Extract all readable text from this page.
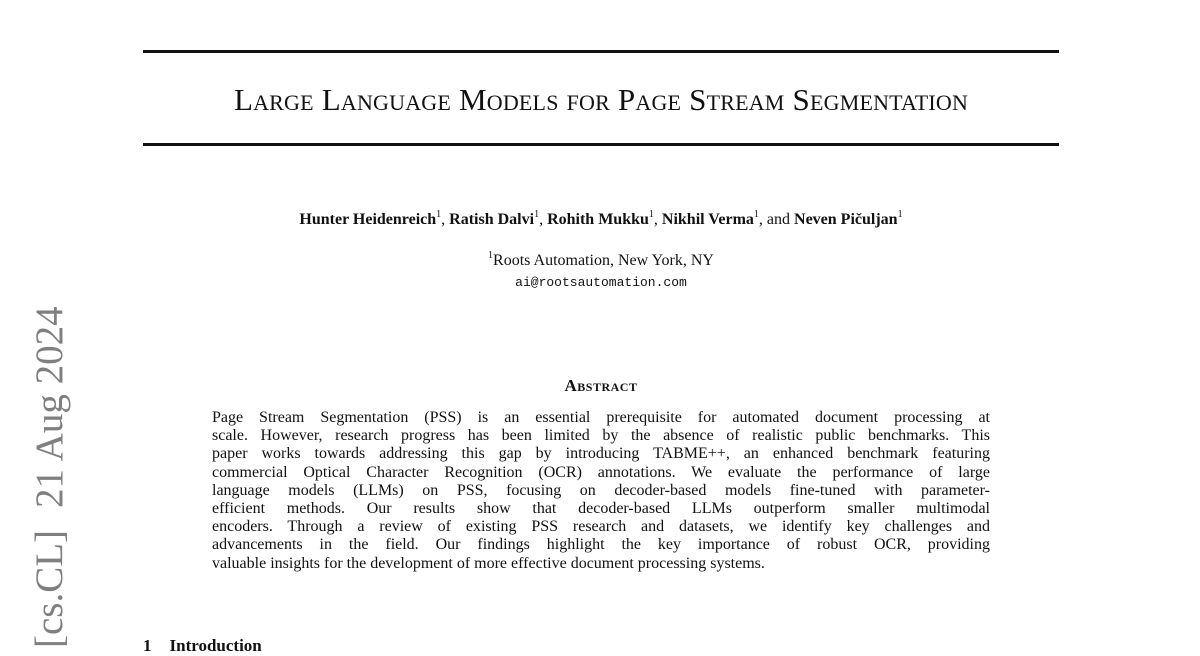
Large Language Models for Page Stream Segmentation
Hunter Heidenreich$^1$, Ratish Dalvi$^1$, Rohith Mukku$^1$, Nikhil Verma$^1$, and Neven Pičuljan$^1$
$^1$Roots Automation, New York, NY
ai@rootsautomation.com
Abstract
Page Stream Segmentation (PSS) is an essential prerequisite for automated document processing at
scale. However, research progress has been limited by the absence of realistic public benchmarks. This
paper works towards addressing this gap by introducing TABME++, an enhanced benchmark featuring
commercial Optical Character Recognition (OCR) annotations. We evaluate the performance of large
language models (LLMs) on PSS, focusing on decoder-based models fine-tuned with parameter-
efficient methods. Our results show that decoder-based LLMs outperform smaller multimodal
encoders. Through a review of existing PSS research and datasets, we identify key challenges and
advancements in the field. Our findings highlight the key importance of robust OCR, providing
valuable insights for the development of more effective document processing systems.
1 Introduction
[cs.CL]21 Aug 2024
